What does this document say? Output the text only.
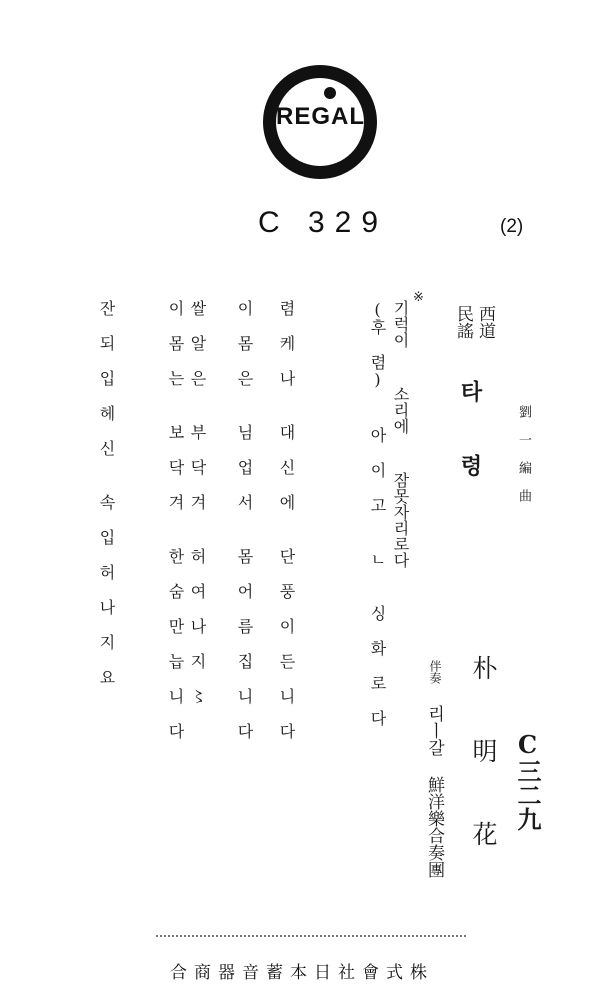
REGAL
C 329	(2)
西道
民謠
劉 一 編 曲
타  령
※
기럭이  소리에  잠못자리로다
(후 렴)  아 이 고  ㄴ  싱 화 로 다
렴 케 나  대 신 에  단 풍 이 든 니 다
이 몸 은  님 업 서  몸 어 름 집 니 다
쌀 알 은  부 닥 겨  허 여 나 지 〻
이 몸 는  보 닥 겨  한 숨 만 늡 니 다
잔 되 입 헤 신  속 입 허 나 지 요
朴  明  花
伴奏
리ㅣ갈 鮮洋樂合奏團	C三二九
合商器音蓄本日社會式株
